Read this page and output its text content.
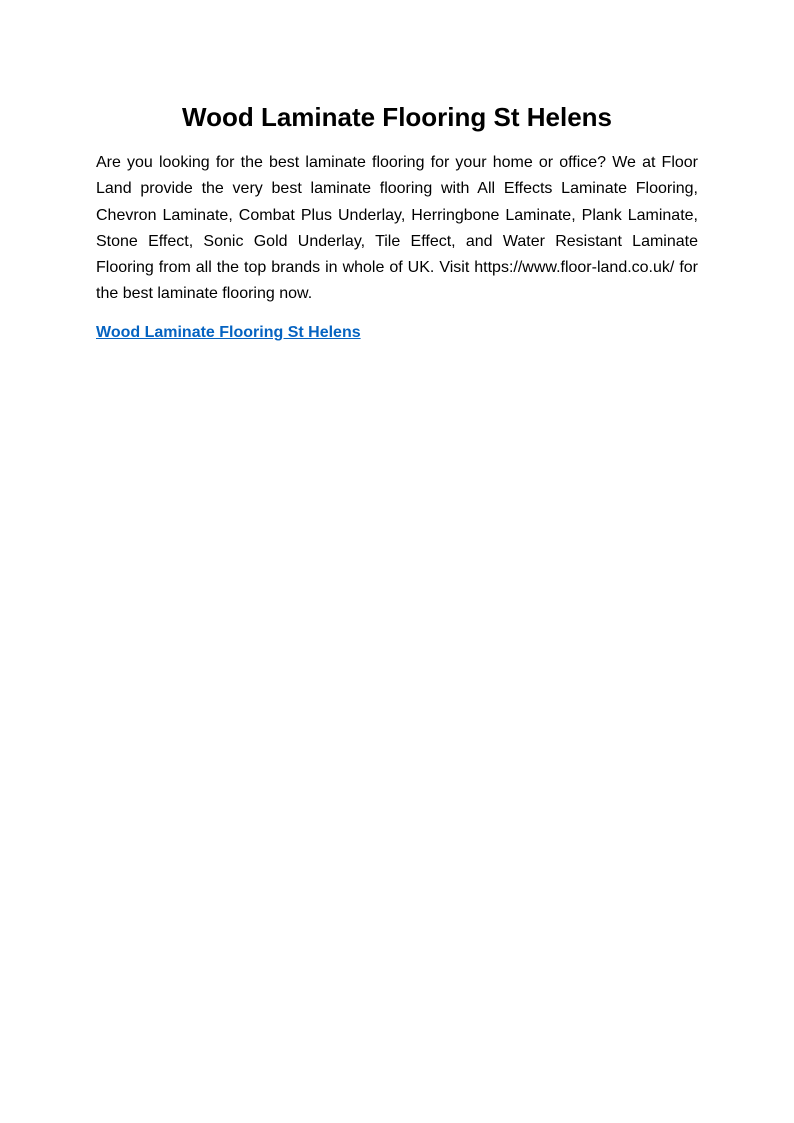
Wood Laminate Flooring St Helens

Are you looking for the best laminate flooring for your home or office? We at Floor Land provide the very best laminate flooring with All Effects Laminate Flooring, Chevron Laminate, Combat Plus Underlay, Herringbone Laminate, Plank Laminate, Stone Effect, Sonic Gold Underlay, Tile Effect, and Water Resistant Laminate Flooring from all the top brands in whole of UK. Visit https://www.floor-land.co.uk/ for the best laminate flooring now.

Wood Laminate Flooring St Helens
